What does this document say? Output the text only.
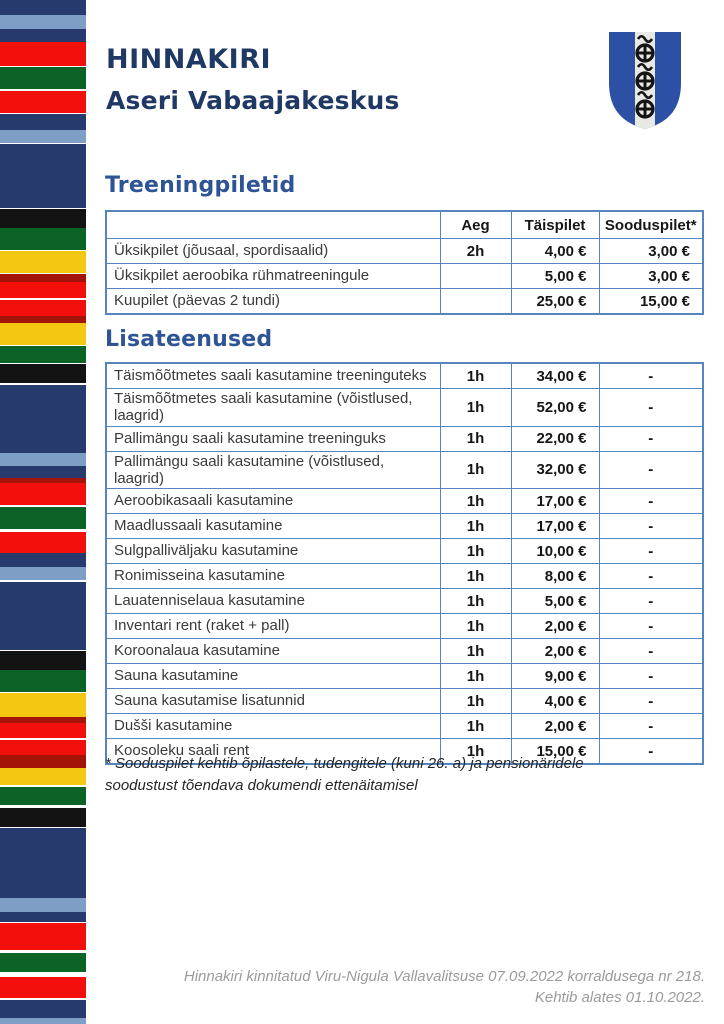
HINNAKIRI
Aseri Vabaajakeskus
Treeningpiletid
	Aeg	Täispilet	Sooduspilet*
Üksikpilet (jõusaal, spordisaalid)	2h	4,00 €	3,00 €
Üksikpilet aeroobika rühmatreeningule		5,00 €	3,00 €
Kuupilet (päevas 2 tundi)		25,00 €	15,00 €
Lisateenused
Täismõõtmetes saali kasutamine treeninguteks	1h	34,00 €	-
Täismõõtmetes saali kasutamine (võistlused, laagrid)	1h	52,00 €	-
Pallimängu saali kasutamine treeninguks	1h	22,00 €	-
Pallimängu saali kasutamine (võistlused, laagrid)	1h	32,00 €	-
Aeroobikasaali kasutamine	1h	17,00 €	-
Maadlussaali kasutamine	1h	17,00 €	-
Sulgpalliväljaku kasutamine	1h	10,00 €	-
Ronimisseina kasutamine	1h	8,00 €	-
Lauatenniselaua kasutamine	1h	5,00 €	-
Inventari rent (raket + pall)	1h	2,00 €	-
Koroonalaua kasutamine	1h	2,00 €	-
Sauna kasutamine	1h	9,00 €	-
Sauna kasutamise lisatunnid	1h	4,00 €	-
Dušši kasutamine	1h	2,00 €	-
Koosoleku saali rent	1h	15,00 €	-

* Sooduspilet kehtib õpilastele, tudengitele (kuni 26. a) ja pensionäridele soodustust tõendava dokumendi ettenäitamisel

Hinnakiri kinnitatud Viru-Nigula Vallavalitsuse 07.09.2022 korraldusega nr 218.
Kehtib alates 01.10.2022.
